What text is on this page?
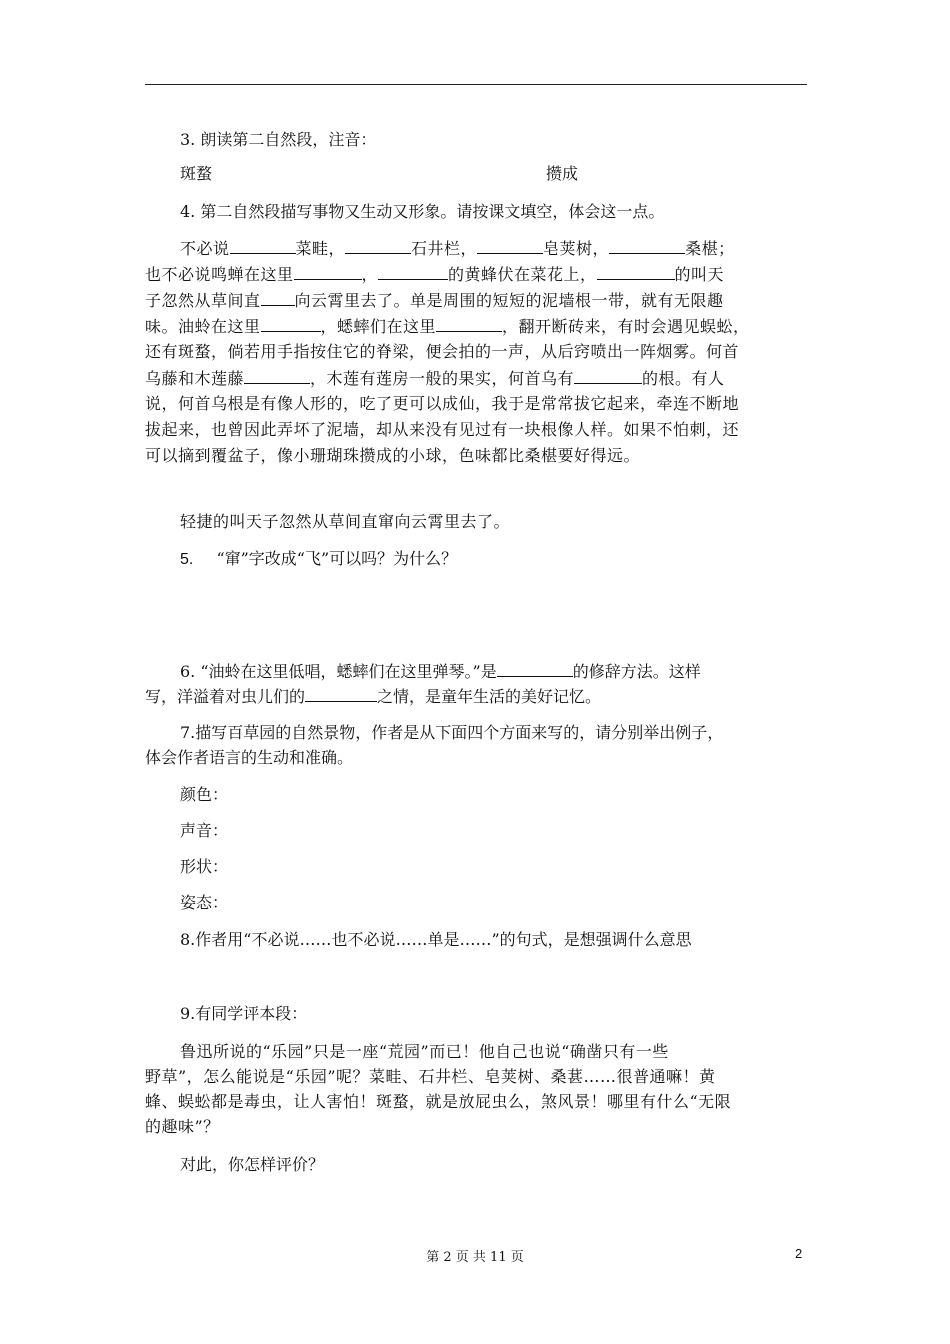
3. 朗读第二自然段，注音：
斑蝥	攒成
4. 第二自然段描写事物又生动又形象。请按课文填空，体会这一点。
不必说	菜畦，	石井栏，	皂荚树，	桑椹；
也不必说鸣蝉在这里	，	的黄蜂伏在菜花上，	的叫天
子忽然从草间直 向云霄里去了。单是周围的短短的泥墙根一带，就有无限趣
味。油蛉在这里	，蟋蟀们在这里	，翻开断砖来，有时会遇见蜈蚣，
还有斑蝥，倘若用手指按住它的脊梁，便会拍的一声，从后窍喷出一阵烟雾。何首
乌藤和木莲藤	，木莲有莲房一般的果实，何首乌有	的根。有人
说，何首乌根是有像人形的，吃了更可以成仙，我于是常常拔它起来，牵连不断地
拔起来，也曾因此弄坏了泥墙，却从来没有见过有一块根像人样。如果不怕刺，还
可以摘到覆盆子，像小珊瑚珠攒成的小球，色味都比桑椹要好得远。
轻捷的叫天子忽然从草间直窜向云霄里去了。
5. “窜”字改成“飞”可以吗？为什么？
6. “油蛉在这里低唱，蟋蟀们在这里弹琴。”是	的修辞方法。这样
写，洋溢着对虫儿们的	之情，是童年生活的美好记忆。
7.描写百草园的自然景物，作者是从下面四个方面来写的，请分别举出例子，
体会作者语言的生动和准确。
颜色：
声音：
形状：
姿态：
8.作者用“不必说……也不必说……单是……”的句式，是想强调什么意思
9.有同学评本段：
鲁迅所说的“乐园”只是一座“荒园”而已！他自己也说“确凿只有一些
野草”，怎么能说是“乐园”呢？菜畦、石井栏、皂荚树、桑葚……很普通嘛！黄
蜂、蜈蚣都是毒虫，让人害怕！斑蝥，就是放屁虫么，煞风景！哪里有什么“无限
的趣味”？
对此，你怎样评价？
第 2 页 共 11 页	2
